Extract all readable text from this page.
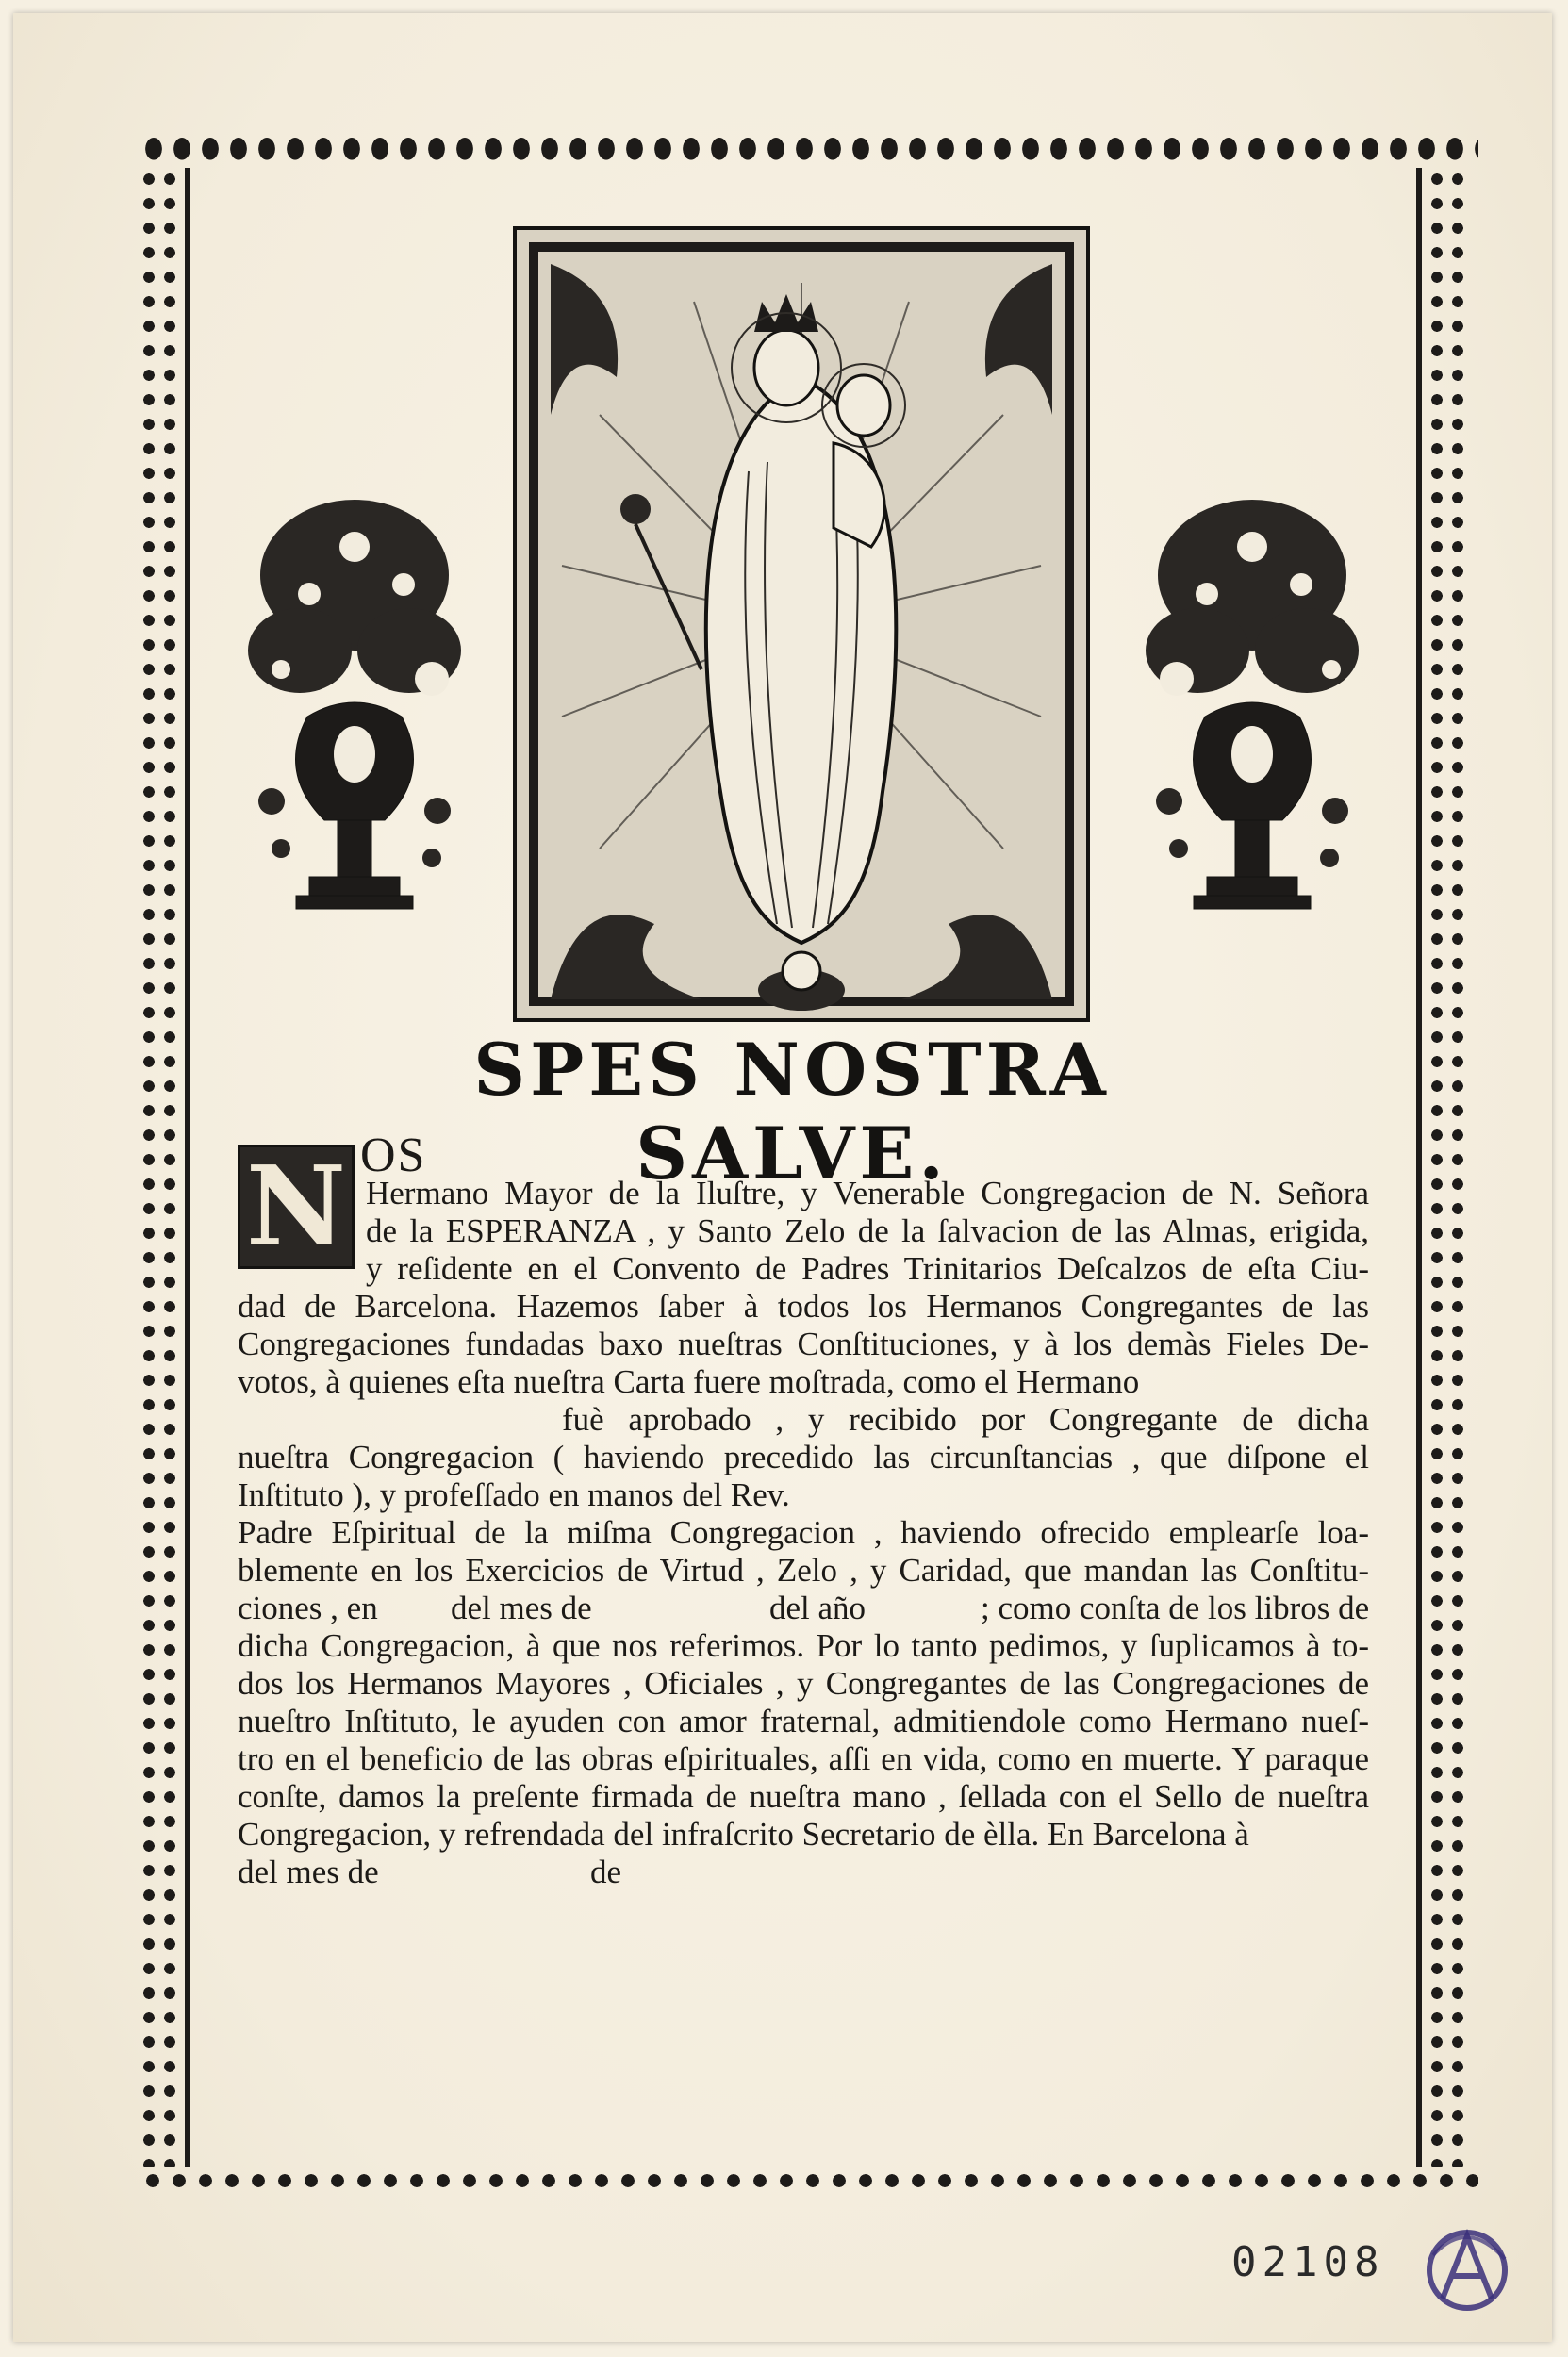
SPES NOSTRA SALVE.
N OS
Hermano Mayor de la Iluſtre, y Venerable Congregacion de N. Señora
de la ESPERANZA , y Santo Zelo de la ſalvacion de las Almas, erigida,
y reſidente en el Convento de Padres Trinitarios Deſcalzos de eſta Ciu-
dad de Barcelona. Hazemos ſaber à todos los Hermanos Congregantes de las
Congregaciones fundadas baxo nueſtras Conſtituciones, y à los demàs Fieles De-
votos, à quienes eſta nueſtra Carta fuere moſtrada, como el Hermano
fuè aprobado , y recibido por Congregante de dicha
nueſtra Congregacion ( haviendo precedido las circunſtancias , que diſpone el
Inſtituto ), y profeſſado en manos del Rev.
Padre Eſpiritual de la miſma Congregacion , haviendo ofrecido emplearſe loa-
blemente en los Exercicios de Virtud , Zelo , y Caridad, que mandan las Conſtitu-
ciones , en del mes de	del año	; como conſta de los libros de
dicha Congregacion, à que nos referimos. Por lo tanto pedimos, y ſuplicamos à to-
dos los Hermanos Mayores , Oficiales , y Congregantes de las Congregaciones de
nueſtro Inſtituto, le ayuden con amor fraternal, admitiendole como Hermano nueſ-
tro en el beneficio de las obras eſpirituales, aſſi en vida, como en muerte. Y paraque
conſte, damos la preſente firmada de nueſtra mano , ſellada con el Sello de nueſtra
Congregacion, y refrendada del infraſcrito Secretario de èlla. En Barcelona à
del mes de	de
02108
